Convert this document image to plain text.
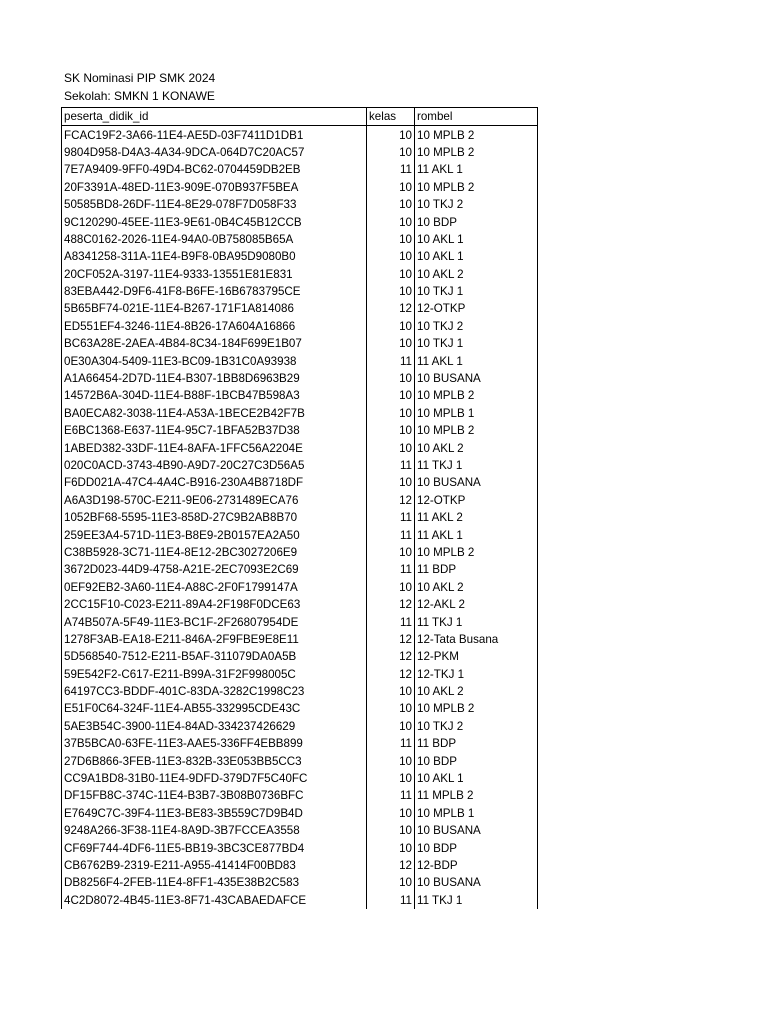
SK Nominasi PIP SMK 2024
Sekolah: SMKN 1 KONAWE
peserta_didik_id	kelas	rombel
FCAC19F2-3A66-11E4-AE5D-03F7411D1DB1	10	10 MPLB 2
9804D958-D4A3-4A34-9DCA-064D7C20AC57	10	10 MPLB 2
7E7A9409-9FF0-49D4-BC62-0704459DB2EB	11	11 AKL 1
20F3391A-48ED-11E3-909E-070B937F5BEA	10	10 MPLB 2
50585BD8-26DF-11E4-8E29-078F7D058F33	10	10 TKJ 2
9C120290-45EE-11E3-9E61-0B4C45B12CCB	10	10 BDP
488C0162-2026-11E4-94A0-0B758085B65A	10	10 AKL 1
A8341258-311A-11E4-B9F8-0BA95D9080B0	10	10 AKL 1
20CF052A-3197-11E4-9333-13551E81E831	10	10 AKL 2
83EBA442-D9F6-41F8-B6FE-16B6783795CE	10	10 TKJ 1
5B65BF74-021E-11E4-B267-171F1A814086	12	12-OTKP
ED551EF4-3246-11E4-8B26-17A604A16866	10	10 TKJ 2
BC63A28E-2AEA-4B84-8C34-184F699E1B07	10	10 TKJ 1
0E30A304-5409-11E3-BC09-1B31C0A93938	11	11 AKL 1
A1A66454-2D7D-11E4-B307-1BB8D6963B29	10	10 BUSANA
14572B6A-304D-11E4-B88F-1BCB47B598A3	10	10 MPLB 2
BA0ECA82-3038-11E4-A53A-1BECE2B42F7B	10	10 MPLB 1
E6BC1368-E637-11E4-95C7-1BFA52B37D38	10	10 MPLB 2
1ABED382-33DF-11E4-8AFA-1FFC56A2204E	10	10 AKL 2
020C0ACD-3743-4B90-A9D7-20C27C3D56A5	11	11 TKJ 1
F6DD021A-47C4-4A4C-B916-230A4B8718DF	10	10 BUSANA
A6A3D198-570C-E211-9E06-2731489ECA76	12	12-OTKP
1052BF68-5595-11E3-858D-27C9B2AB8B70	11	11 AKL 2
259EE3A4-571D-11E3-B8E9-2B0157EA2A50	11	11 AKL 1
C38B5928-3C71-11E4-8E12-2BC3027206E9	10	10 MPLB 2
3672D023-44D9-4758-A21E-2EC7093E2C69	11	11 BDP
0EF92EB2-3A60-11E4-A88C-2F0F1799147A	10	10 AKL 2
2CC15F10-C023-E211-89A4-2F198F0DCE63	12	12-AKL 2
A74B507A-5F49-11E3-BC1F-2F26807954DE	11	11 TKJ 1
1278F3AB-EA18-E211-846A-2F9FBE9E8E11	12	12-Tata Busana
5D568540-7512-E211-B5AF-311079DA0A5B	12	12-PKM
59E542F2-C617-E211-B99A-31F2F998005C	12	12-TKJ 1
64197CC3-BDDF-401C-83DA-3282C1998C23	10	10 AKL 2
E51F0C64-324F-11E4-AB55-332995CDE43C	10	10 MPLB 2
5AE3B54C-3900-11E4-84AD-334237426629	10	10 TKJ 2
37B5BCA0-63FE-11E3-AAE5-336FF4EBB899	11	11 BDP
27D6B866-3FEB-11E3-832B-33E053BB5CC3	10	10 BDP
CC9A1BD8-31B0-11E4-9DFD-379D7F5C40FC	10	10 AKL 1
DF15FB8C-374C-11E4-B3B7-3B08B0736BFC	11	11 MPLB 2
E7649C7C-39F4-11E3-BE83-3B559C7D9B4D	10	10 MPLB 1
9248A266-3F38-11E4-8A9D-3B7FCCEA3558	10	10 BUSANA
CF69F744-4DF6-11E5-BB19-3BC3CE877BD4	10	10 BDP
CB6762B9-2319-E211-A955-41414F00BD83	12	12-BDP
DB8256F4-2FEB-11E4-8FF1-435E38B2C583	10	10 BUSANA
4C2D8072-4B45-11E3-8F71-43CABAEDAFCE	11	11 TKJ 1
